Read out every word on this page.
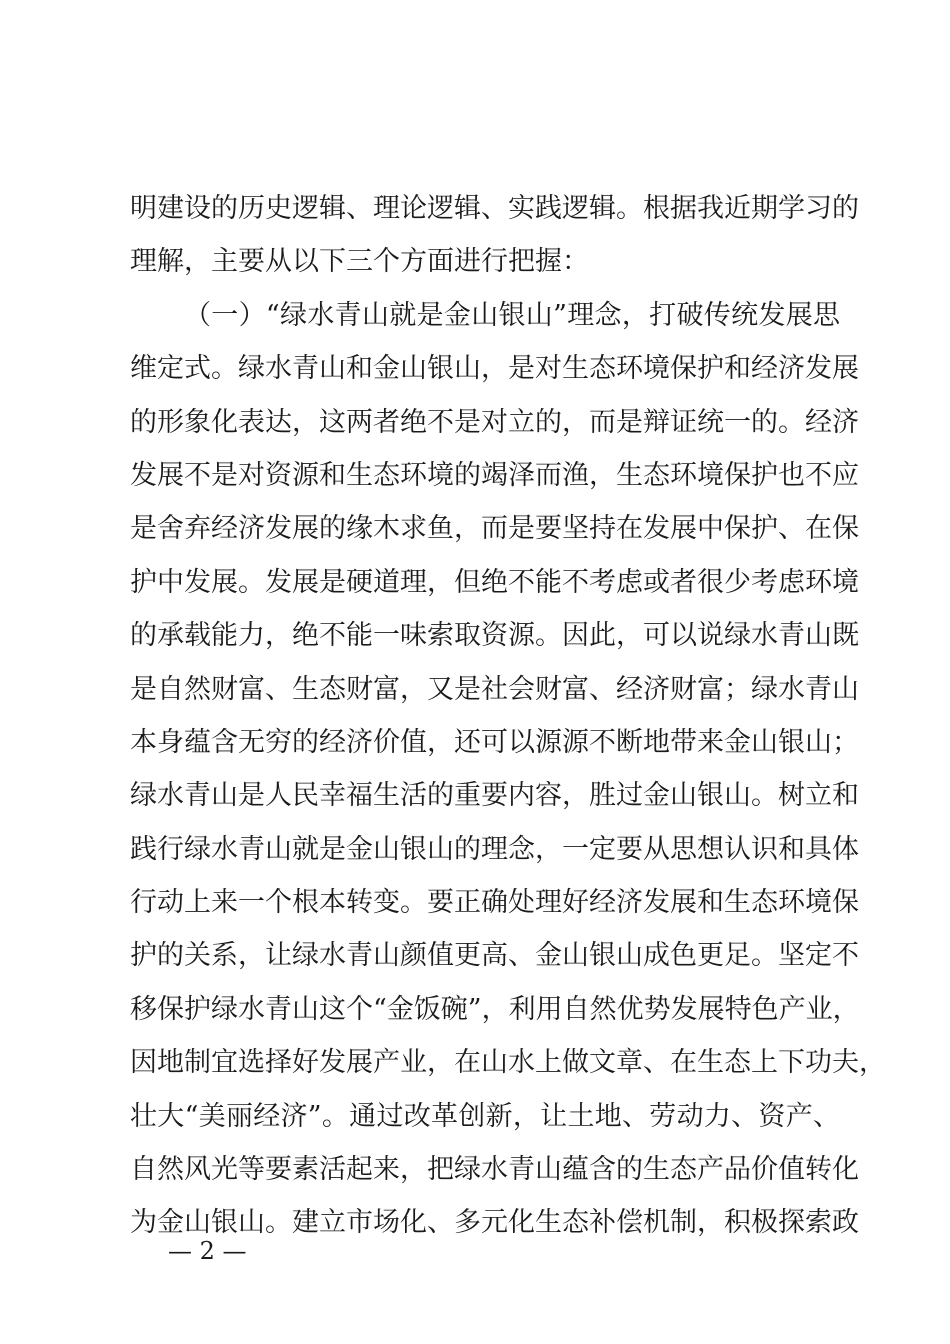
明建设的历史逻辑、理论逻辑、实践逻辑。根据我近期学习的
理解，主要从以下三个方面进行把握：
（一）“绿水青山就是金山银山”理念，打破传统发展思
维定式。绿水青山和金山银山，是对生态环境保护和经济发展
的形象化表达，这两者绝不是对立的，而是辩证统一的。经济
发展不是对资源和生态环境的竭泽而渔，生态环境保护也不应
是舍弃经济发展的缘木求鱼，而是要坚持在发展中保护、在保
护中发展。发展是硬道理，但绝不能不考虑或者很少考虑环境
的承载能力，绝不能一味索取资源。因此，可以说绿水青山既
是自然财富、生态财富，又是社会财富、经济财富；绿水青山
本身蕴含无穷的经济价值，还可以源源不断地带来金山银山；
绿水青山是人民幸福生活的重要内容，胜过金山银山。树立和
践行绿水青山就是金山银山的理念，一定要从思想认识和具体
行动上来一个根本转变。要正确处理好经济发展和生态环境保
护的关系，让绿水青山颜值更高、金山银山成色更足。坚定不
移保护绿水青山这个“金饭碗”，利用自然优势发展特色产业，
因地制宜选择好发展产业，在山水上做文章、在生态上下功夫，
壮大“美丽经济”。通过改革创新，让土地、劳动力、资产、
自然风光等要素活起来，把绿水青山蕴含的生态产品价值转化
为金山银山。建立市场化、多元化生态补偿机制，积极探索政
— 2 —
